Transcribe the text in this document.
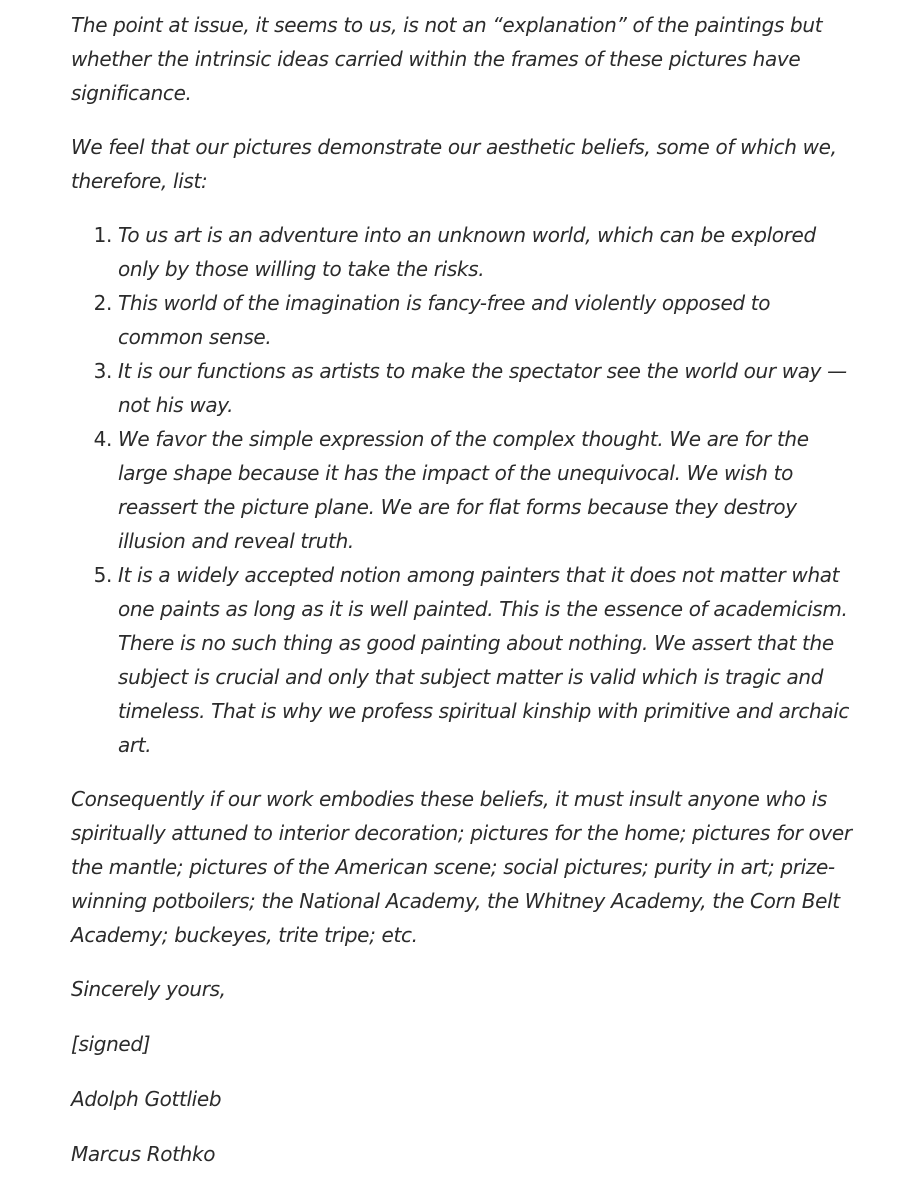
The point at issue, it seems to us, is not an “explanation” of the paintings but whether the intrinsic ideas carried within the frames of these pictures have significance.

We feel that our pictures demonstrate our aesthetic beliefs, some of which we, therefore, list:

1. To us art is an adventure into an unknown world, which can be explored only by those willing to take the risks.
2. This world of the imagination is fancy-free and violently opposed to common sense.
3. It is our functions as artists to make the spectator see the world our way — not his way.
4. We favor the simple expression of the complex thought. We are for the large shape because it has the impact of the unequivocal. We wish to reassert the picture plane. We are for flat forms because they destroy illusion and reveal truth.
5. It is a widely accepted notion among painters that it does not matter what one paints as long as it is well painted. This is the essence of academicism. There is no such thing as good painting about nothing. We assert that the subject is crucial and only that subject matter is valid which is tragic and timeless. That is why we profess spiritual kinship with primitive and archaic art.

Consequently if our work embodies these beliefs, it must insult anyone who is spiritually attuned to interior decoration; pictures for the home; pictures for over the mantle; pictures of the American scene; social pictures; purity in art; prize-winning potboilers; the National Academy, the Whitney Academy, the Corn Belt Academy; buckeyes, trite tripe; etc.

Sincerely yours,

[signed]

Adolph Gottlieb

Marcus Rothko
